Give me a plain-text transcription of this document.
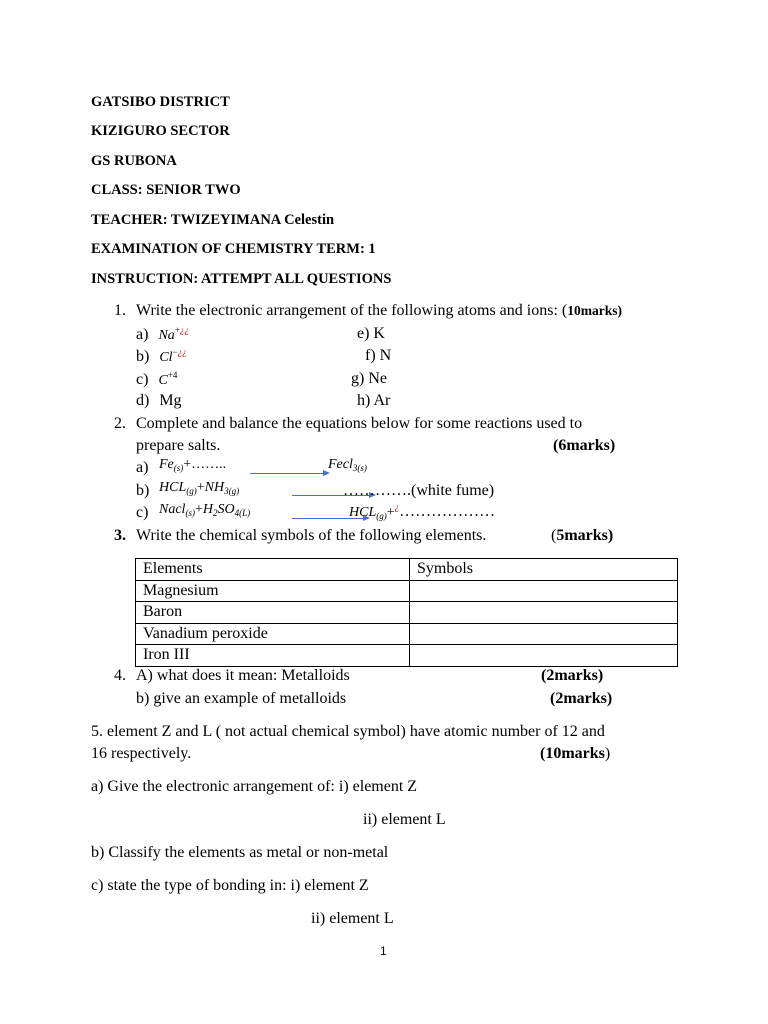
GATSIBO DISTRICT
KIZIGURO SECTOR
GS RUBONA
CLASS: SENIOR TWO
TEACHER: TWIZEYIMANA Celestin
EXAMINATION OF CHEMISTRY TERM: 1
INSTRUCTION: ATTEMPT ALL QUESTIONS
1. Write the electronic arrangement of the following atoms and ions: (10marks)
a) Na+¿¿	e) K
b) Cl−¿¿	f) N
c) $C^{+4}$	g) Ne
d) Mg	h) Ar
2. Complete and balance the equations below for some reactions used to
prepare salts.	(6marks)
a) $Fe_{(s)}+\dots\dots$..	Fecl$_{3(s)}$
b) $HCL_{(g)}+NH_{3(g)}$	………….(white fume)
c) $Nacl_{(s)}+H_2SO_{4(L)}$	$HCL_{(g)}+^¿\dots\dots\dots\dots\dots\dots$
3. Write the chemical symbols of the following elements.	(5marks)
Elements	Symbols
Magnesium	
Baron	
Vanadium peroxide	
Iron III	
4. A) what does it mean: Metalloids	(2marks)
b) give an example of metalloids	(2marks)
5. element Z and L ( not actual chemical symbol) have atomic number of 12 and
16 respectively.	(10marks)
a) Give the electronic arrangement of: i) element Z
ii) element L
b) Classify the elements as metal or non-metal
c) state the type of bonding in: i) element Z
ii) element L
1
